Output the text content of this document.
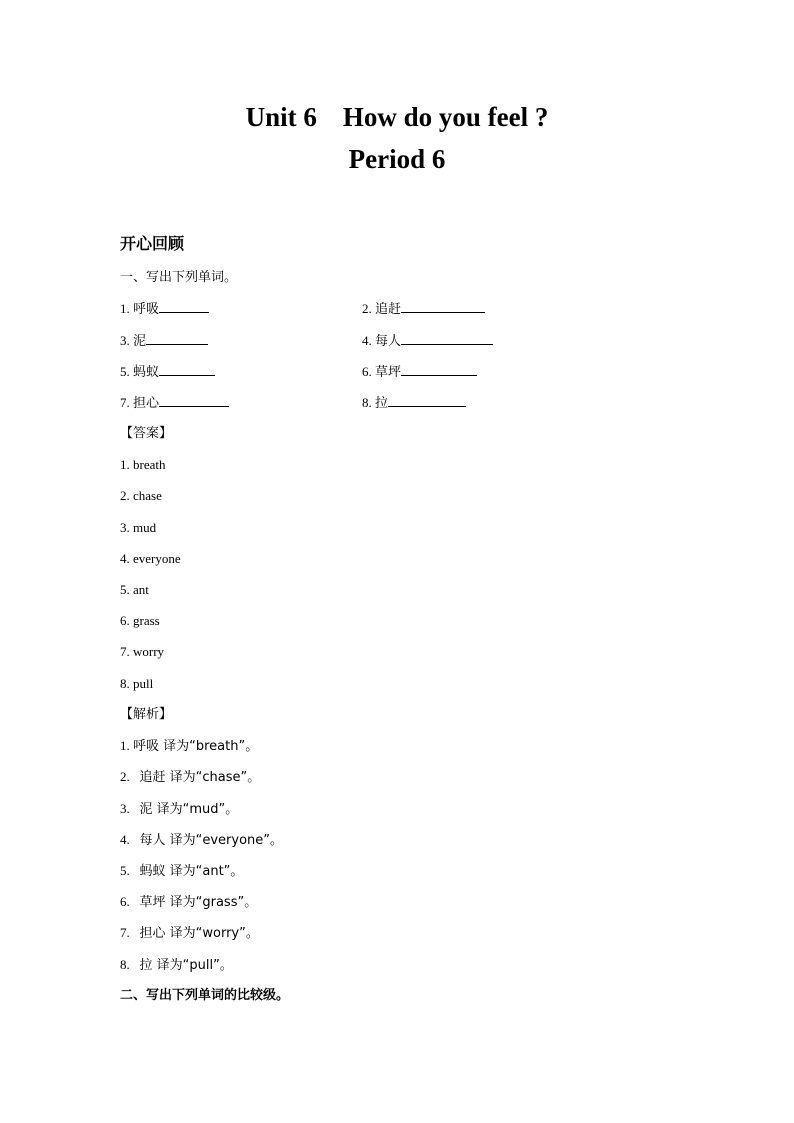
Unit 6 How do you feel ?
Period 6
开心回顾
一、写出下列单词。
1. 呼吸	2. 追赶
3. 泥	4. 每人
5. 蚂蚁	6. 草坪
7. 担心	8. 拉
【答案】
1. breath
2. chase
3. mud
4. everyone
5. ant
6. grass
7. worry
8. pull
【解析】
1. 呼吸 译为“breath”。
2. 追赶 译为“chase”。
3. 泥 译为“mud”。
4. 每人 译为“everyone”。
5. 蚂蚁 译为“ant”。
6. 草坪 译为“grass”。
7. 担心 译为“worry”。
8. 拉 译为“pull”。
二、写出下列单词的比较级。
